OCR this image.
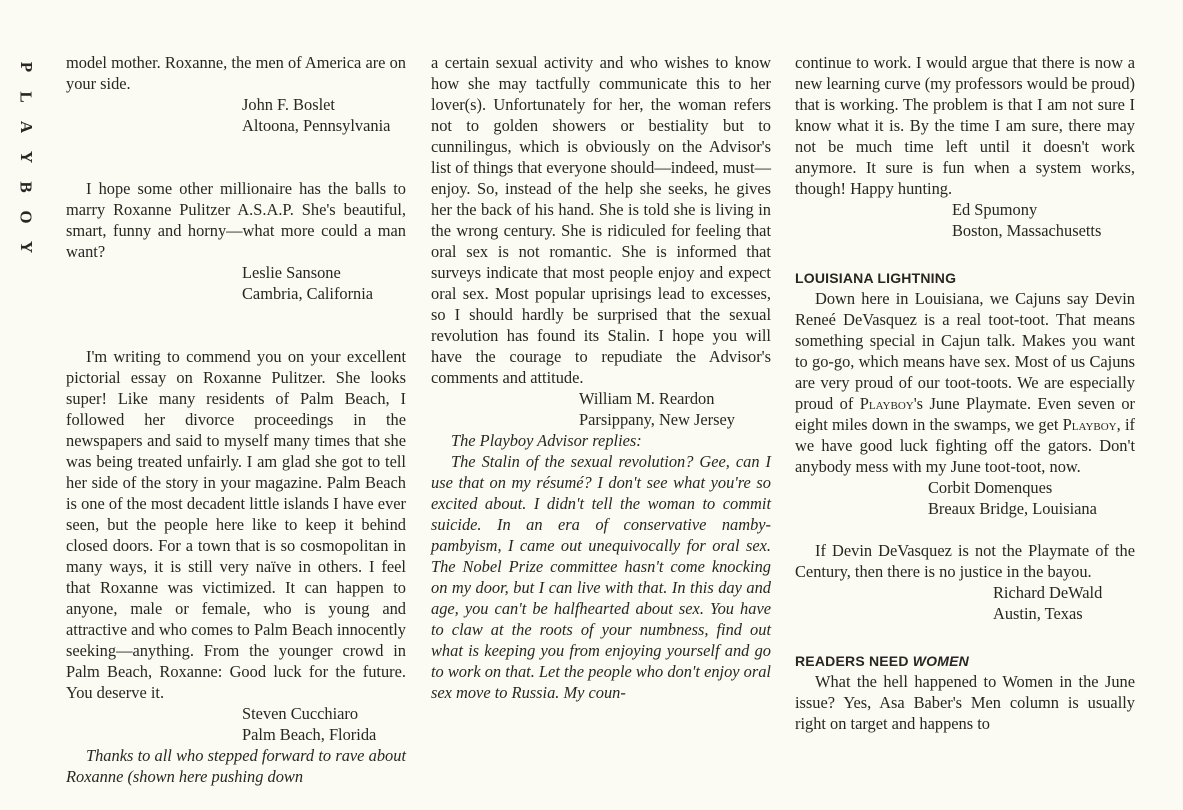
P
L
A
Y
B
O
Y

model mother. Roxanne, the men of America are on your side.

John F. Boslet
Altoona, Pennsylvania

I hope some other millionaire has the balls to marry Roxanne Pulitzer A.S.A.P. She's beautiful, smart, funny and horny—what more could a man want?

Leslie Sansone
Cambria, California

I'm writing to commend you on your excellent pictorial essay on Roxanne Pulitzer. She looks super! Like many residents of Palm Beach, I followed her divorce proceedings in the newspapers and said to myself many times that she was being treated unfairly. I am glad she got to tell her side of the story in your magazine. Palm Beach is one of the most decadent little islands I have ever seen, but the people here like to keep it behind closed doors. For a town that is so cosmopolitan in many ways, it is still very naïve in others. I feel that Roxanne was victimized. It can happen to anyone, male or female, who is young and attractive and who comes to Palm Beach innocently seeking—anything. From the younger crowd in Palm Beach, Roxanne: Good luck for the future. You deserve it.

Steven Cucchiaro
Palm Beach, Florida

Thanks to all who stepped forward to rave about Roxanne (shown here pushing down

a certain sexual activity and who wishes to know how she may tactfully communicate this to her lover(s). Unfortunately for her, the woman refers not to golden showers or bestiality but to cunnilingus, which is obviously on the Advisor's list of things that everyone should—indeed, must—enjoy. So, instead of the help she seeks, he gives her the back of his hand. She is told she is living in the wrong century. She is ridiculed for feeling that oral sex is not romantic. She is informed that surveys indicate that most people enjoy and expect oral sex. Most popular uprisings lead to excesses, so I should hardly be surprised that the sexual revolution has found its Stalin. I hope you will have the courage to repudiate the Advisor's comments and attitude.

William M. Reardon
Parsippany, New Jersey
The Playboy Advisor replies:

The Stalin of the sexual revolution? Gee, can I use that on my résumé? I don't see what you're so excited about. I didn't tell the woman to commit suicide. In an era of conservative namby-pambyism, I came out unequivocally for oral sex. The Nobel Prize committee hasn't come knocking on my door, but I can live with that. In this day and age, you can't be halfhearted about sex. You have to claw at the roots of your numbness, find out what is keeping you from enjoying yourself and go to work on that. Let the people who don't enjoy oral sex move to Russia. My coun-

continue to work. I would argue that there is now a new learning curve (my professors would be proud) that is working. The problem is that I am not sure I know what it is. By the time I am sure, there may not be much time left until it doesn't work anymore. It sure is fun when a system works, though! Happy hunting.

Ed Spumony
Boston, Massachusetts
LOUISIANA LIGHTNING

Down here in Louisiana, we Cajuns say Devin Reneé DeVasquez is a real toot-toot. That means something special in Cajun talk. Makes you want to go-go, which means have sex. Most of us Cajuns are very proud of our toot-toots. We are especially proud of Playboy's June Playmate. Even seven or eight miles down in the swamps, we get Playboy, if we have good luck fighting off the gators. Don't anybody mess with my June toot-toot, now.

Corbit Domenques
Breaux Bridge, Louisiana

If Devin DeVasquez is not the Playmate of the Century, then there is no justice in the bayou.

Richard DeWald
Austin, Texas
READERS NEED WOMEN

What the hell happened to Women in the June issue? Yes, Asa Baber's Men column is usually right on target and happens to
